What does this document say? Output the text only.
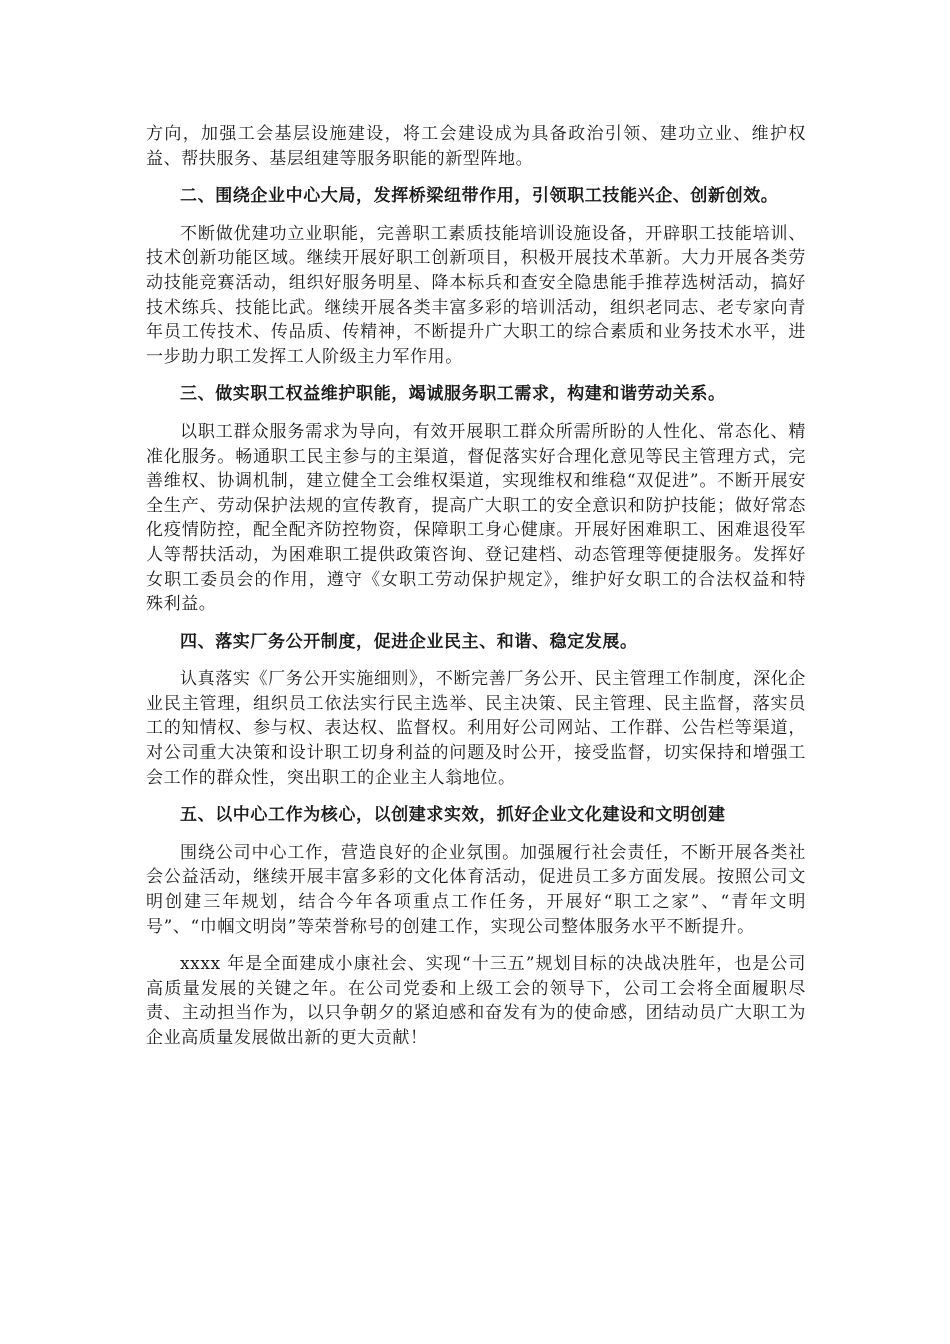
方向，加强工会基层设施建设，将工会建设成为具备政治引领、建功立业、维护权益、帮扶服务、基层组建等服务职能的新型阵地。

二、围绕企业中心大局，发挥桥梁纽带作用，引领职工技能兴企、创新创效。

不断做优建功立业职能，完善职工素质技能培训设施设备，开辟职工技能培训、技术创新功能区域。继续开展好职工创新项目，积极开展技术革新。大力开展各类劳动技能竞赛活动，组织好服务明星、降本标兵和查安全隐患能手推荐选树活动，搞好技术练兵、技能比武。继续开展各类丰富多彩的培训活动，组织老同志、老专家向青年员工传技术、传品质、传精神，不断提升广大职工的综合素质和业务技术水平，进一步助力职工发挥工人阶级主力军作用。

三、做实职工权益维护职能，竭诚服务职工需求，构建和谐劳动关系。

以职工群众服务需求为导向，有效开展职工群众所需所盼的人性化、常态化、精准化服务。畅通职工民主参与的主渠道，督促落实好合理化意见等民主管理方式，完善维权、协调机制，建立健全工会维权渠道，实现维权和维稳“双促进”。不断开展安全生产、劳动保护法规的宣传教育，提高广大职工的安全意识和防护技能；做好常态化疫情防控，配全配齐防控物资，保障职工身心健康。开展好困难职工、困难退役军人等帮扶活动，为困难职工提供政策咨询、登记建档、动态管理等便捷服务。发挥好女职工委员会的作用，遵守《女职工劳动保护规定》，维护好女职工的合法权益和特殊利益。

四、落实厂务公开制度，促进企业民主、和谐、稳定发展。

认真落实《厂务公开实施细则》，不断完善厂务公开、民主管理工作制度，深化企业民主管理，组织员工依法实行民主选举、民主决策、民主管理、民主监督，落实员工的知情权、参与权、表达权、监督权。利用好公司网站、工作群、公告栏等渠道，对公司重大决策和设计职工切身利益的问题及时公开，接受监督，切实保持和增强工会工作的群众性，突出职工的企业主人翁地位。

五、以中心工作为核心，以创建求实效，抓好企业文化建设和文明创建

围绕公司中心工作，营造良好的企业氛围。加强履行社会责任，不断开展各类社会公益活动，继续开展丰富多彩的文化体育活动，促进员工多方面发展。按照公司文明创建三年规划，结合今年各项重点工作任务，开展好“职工之家”、“青年文明号”、“巾帼文明岗”等荣誉称号的创建工作，实现公司整体服务水平不断提升。

xxxx 年是全面建成小康社会、实现“十三五”规划目标的决战决胜年，也是公司高质量发展的关键之年。在公司党委和上级工会的领导下，公司工会将全面履职尽责、主动担当作为，以只争朝夕的紧迫感和奋发有为的使命感，团结动员广大职工为企业高质量发展做出新的更大贡献！
